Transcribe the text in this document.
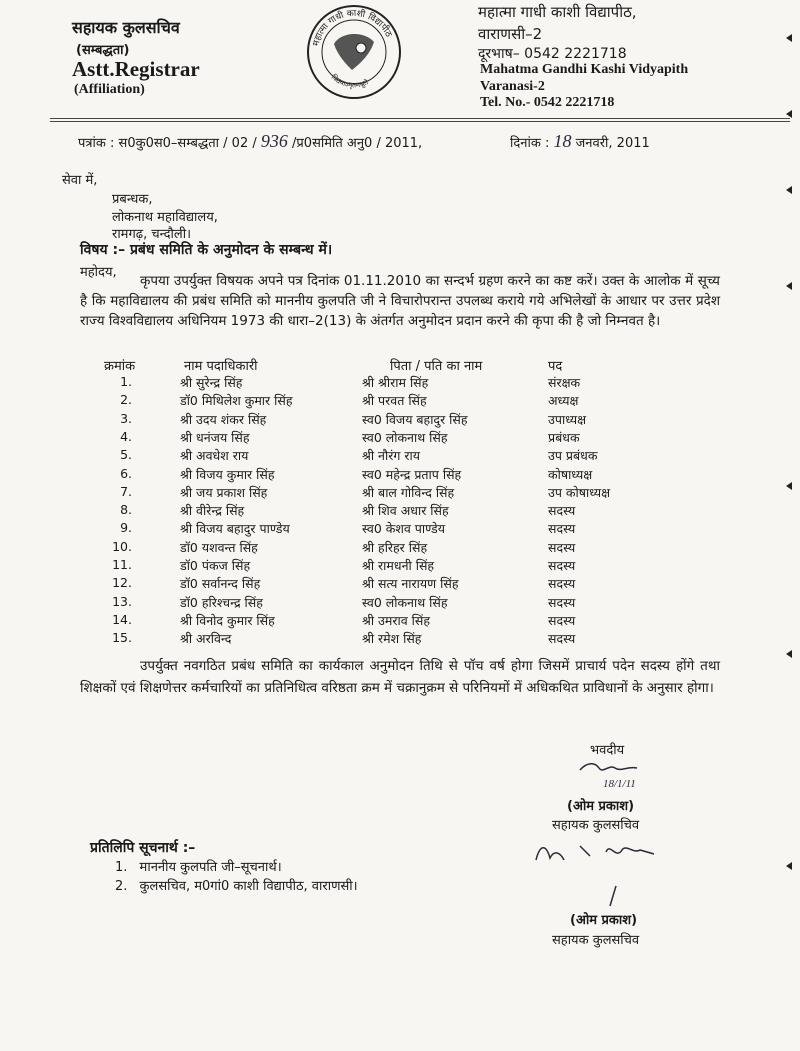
सहायक कुलसचिव
(सम्बद्धता)
Astt.Registrar
(Affiliation)
महात्मा गाधी काशी विद्यापीठ
विद्ययाऽमृतमश्नुते
महात्मा गाधी काशी विद्यापीठ,
वाराणसी–2
दूरभाष– 0542 2221718
Mahatma Gandhi Kashi Vidyapith
Varanasi-2
Tel. No.- 0542 2221718
पत्रांक : स0कु0स0–सम्बद्धता / 02 / 936 /प्र0समिति अनु0 / 2011,	दिनांक : 18 जनवरी, 2011
सेवा में,
प्रबन्धक,
लोकनाथ महाविद्यालय,
रामगढ़, चन्दौली।
विषय :– प्रबंध समिति के अनुमोदन के सम्बन्ध में।
महोदय,
कृपया उपर्युक्त विषयक अपने पत्र दिनांक 01.11.2010 का सन्दर्भ ग्रहण करने का कष्ट करें। उक्त के आलोक में सूच्य है कि महाविद्यालय की प्रबंध समिति को माननीय कुलपति जी ने विचारोपरान्त उपलब्ध कराये गये अभिलेखों के आधार पर उत्तर प्रदेश राज्य विश्वविद्यालय अधिनियम 1973 की धारा–2(13) के अंतर्गत अनुमोदन प्रदान करने की कृपा की है जो निम्नवत है।
क्रमांक	नाम पदाधिकारी	पिता / पति का नाम	पद
1.	श्री सुरेन्द्र सिंह	श्री श्रीराम सिंह	संरक्षक
2.	डॉ0 मिथिलेश कुमार सिंह	श्री परवत सिंह	अध्यक्ष
3.	श्री उदय शंकर सिंह	स्व0 विजय बहादुर सिंह	उपाध्यक्ष
4.	श्री धनंजय सिंह	स्व0 लोकनाथ सिंह	प्रबंधक
5.	श्री अवधेश राय	श्री नौरंग राय	उप प्रबंधक
6.	श्री विजय कुमार सिंह	स्व0 महेन्द्र प्रताप सिंह	कोषाध्यक्ष
7.	श्री जय प्रकाश सिंह	श्री बाल गोविन्द सिंह	उप कोषाध्यक्ष
8.	श्री वीरेन्द्र सिंह	श्री शिव अधार सिंह	सदस्य
9.	श्री विजय बहादुर पाण्डेय	स्व0 केशव पाण्डेय	सदस्य
10.	डॉ0 यशवन्त सिंह	श्री हरिहर सिंह	सदस्य
11.	डॉ0 पंकज सिंह	श्री रामधनी सिंह	सदस्य
12.	डॉ0 सर्वानन्द सिंह	श्री सत्य नारायण सिंह	सदस्य
13.	डॉ0 हरिश्चन्द्र सिंह	स्व0 लोकनाथ सिंह	सदस्य
14.	श्री विनोद कुमार सिंह	श्री उमराव सिंह	सदस्य
15.	श्री अरविन्द	श्री रमेश सिंह	सदस्य
उपर्युक्त नवगठित प्रबंध समिति का कार्यकाल अनुमोदन तिथि से पॉच वर्ष होगा जिसमें प्राचार्य पदेन सदस्य होंगे तथा शिक्षकों एवं शिक्षणेत्तर कर्मचारियों का प्रतिनिधित्व वरिष्ठता क्रम में चक्रानुक्रम से परिनियमों में अधिकथित प्राविधानों के अनुसार होगा।
भवदीय
18/1/11
(ओम प्रकाश)
सहायक कुलसचिव
प्रतिलिपि सूचनार्थ :–
1. माननीय कुलपति जी–सूचनार्थ।
2. कुलसचिव, म0गां0 काशी विद्यापीठ, वाराणसी।
(ओम प्रकाश)
सहायक कुलसचिव
